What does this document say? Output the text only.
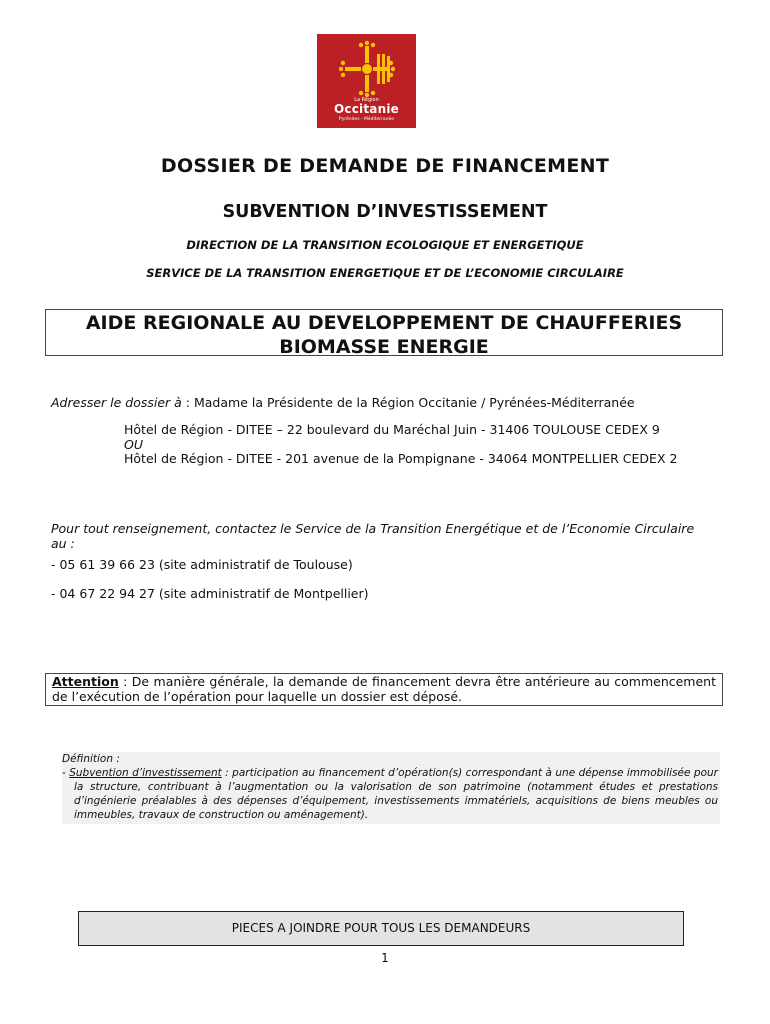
La Région
Occitanie
Pyrénées - Méditerranée
DOSSIER DE DEMANDE DE FINANCEMENT
SUBVENTION D’INVESTISSEMENT
DIRECTION DE LA TRANSITION ECOLOGIQUE ET ENERGETIQUE
SERVICE DE LA TRANSITION ENERGETIQUE ET DE L’ECONOMIE CIRCULAIRE
AIDE REGIONALE AU DEVELOPPEMENT DE CHAUFFERIES
BIOMASSE ENERGIE
Adresser le dossier à : Madame la Présidente de la Région Occitanie / Pyrénées-Méditerranée
Hôtel de Région - DITEE – 22 boulevard du Maréchal Juin - 31406 TOULOUSE CEDEX 9
OU
Hôtel de Région - DITEE - 201 avenue de la Pompignane - 34064 MONTPELLIER CEDEX 2
Pour tout renseignement, contactez le Service de la Transition Energétique et de l’Economie Circulaire
au :
- 05 61 39 66 23 (site administratif de Toulouse)
- 04 67 22 94 27 (site administratif de Montpellier)
Attention : De manière générale, la demande de financement devra être antérieure au commencement de l’exécution de l’opération pour laquelle un dossier est déposé.
Définition :
- Subvention d’investissement : participation au financement d’opération(s) correspondant à une dépense immobilisée pour la structure, contribuant à l’augmentation ou la valorisation de son patrimoine (notamment études et prestations d’ingénierie préalables à des dépenses d’équipement, investissements immatériels, acquisitions de biens meubles ou immeubles, travaux de construction ou aménagement).
PIECES A JOINDRE POUR TOUS LES DEMANDEURS
1
